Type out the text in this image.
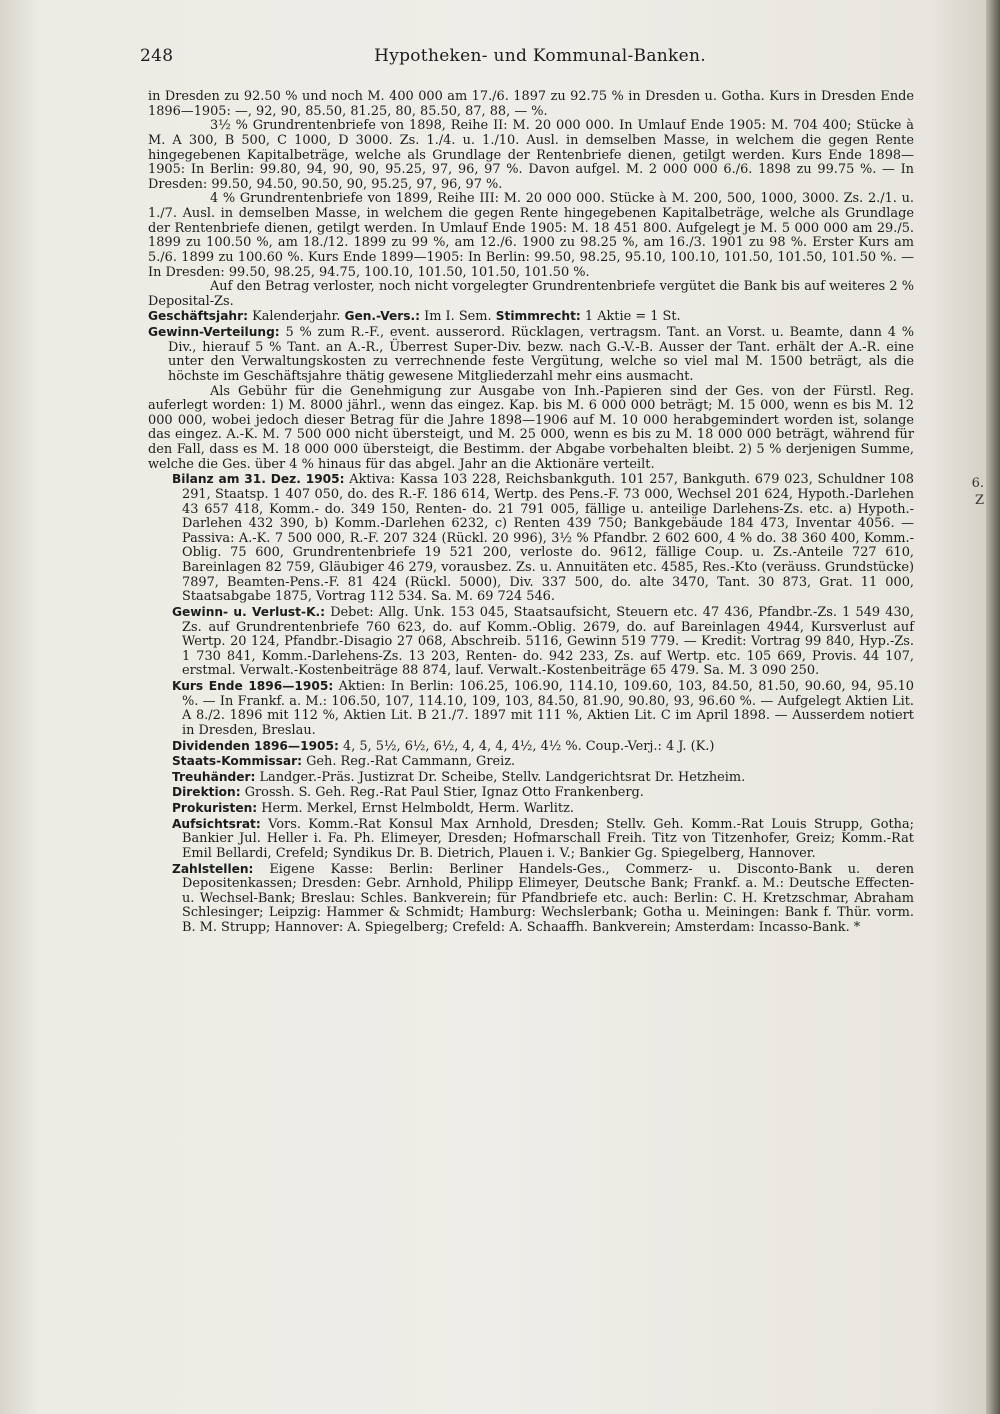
6.
Z
248	Hypotheken- und Kommunal-Banken.

in Dresden zu 92.50 % und noch M. 400 000 am 17./6. 1897 zu 92.75 % in Dresden u. Gotha. Kurs in Dresden Ende 1896—1905: —, 92, 90, 85.50, 81.25, 80, 85.50, 87, 88, — %.

3½ % Grundrentenbriefe von 1898, Reihe II: M. 20 000 000. In Umlauf Ende 1905: M. 704 400; Stücke à M. A 300, B 500, C 1000, D 3000. Zs. 1./4. u. 1./10. Ausl. in demselben Masse, in welchem die gegen Rente hingegebenen Kapitalbeträge, welche als Grundlage der Rentenbriefe dienen, getilgt werden. Kurs Ende 1898—1905: In Berlin: 99.80, 94, 90, 90, 95.25, 97, 96, 97 %. Davon aufgel. M. 2 000 000 6./6. 1898 zu 99.75 %. — In Dresden: 99.50, 94.50, 90.50, 90, 95.25, 97, 96, 97 %.

4 % Grundrentenbriefe von 1899, Reihe III: M. 20 000 000. Stücke à M. 200, 500, 1000, 3000. Zs. 2./1. u. 1./7. Ausl. in demselben Masse, in welchem die gegen Rente hingegebenen Kapitalbeträge, welche als Grundlage der Rentenbriefe dienen, getilgt werden. In Umlauf Ende 1905: M. 18 451 800. Aufgelegt je M. 5 000 000 am 29./5. 1899 zu 100.50 %, am 18./12. 1899 zu 99 %, am 12./6. 1900 zu 98.25 %, am 16./3. 1901 zu 98 %. Erster Kurs am 5./6. 1899 zu 100.60 %. Kurs Ende 1899—1905: In Berlin: 99.50, 98.25, 95.10, 100.10, 101.50, 101.50, 101.50 %. — In Dresden: 99.50, 98.25, 94.75, 100.10, 101.50, 101.50, 101.50 %.

Auf den Betrag verloster, noch nicht vorgelegter Grundrentenbriefe vergütet die Bank bis auf weiteres 2 % Deposital-Zs.

Geschäftsjahr: Kalenderjahr. Gen.-Vers.: Im I. Sem. Stimmrecht: 1 Aktie = 1 St.

Gewinn-Verteilung: 5 % zum R.-F., event. ausserord. Rücklagen, vertragsm. Tant. an Vorst. u. Beamte, dann 4 % Div., hierauf 5 % Tant. an A.-R., Überrest Super-Div. bezw. nach G.-V.-B. Ausser der Tant. erhält der A.-R. eine unter den Verwaltungskosten zu verrechnende feste Vergütung, welche so viel mal M. 1500 beträgt, als die höchste im Geschäftsjahre thätig gewesene Mitgliederzahl mehr eins ausmacht.

Als Gebühr für die Genehmigung zur Ausgabe von Inh.-Papieren sind der Ges. von der Fürstl. Reg. auferlegt worden: 1) M. 8000 jährl., wenn das eingez. Kap. bis M. 6 000 000 beträgt; M. 15 000, wenn es bis M. 12 000 000, wobei jedoch dieser Betrag für die Jahre 1898—1906 auf M. 10 000 herabgemindert worden ist, solange das eingez. A.-K. M. 7 500 000 nicht übersteigt, und M. 25 000, wenn es bis zu M. 18 000 000 beträgt, während für den Fall, dass es M. 18 000 000 übersteigt, die Bestimm. der Abgabe vorbehalten bleibt. 2) 5 % derjenigen Summe, welche die Ges. über 4 % hinaus für das abgel. Jahr an die Aktionäre verteilt.

Bilanz am 31. Dez. 1905: Aktiva: Kassa 103 228, Reichsbankguth. 101 257, Bankguth. 679 023, Schuldner 108 291, Staatsp. 1 407 050, do. des R.-F. 186 614, Wertp. des Pens.-F. 73 000, Wechsel 201 624, Hypoth.-Darlehen 43 657 418, Komm.- do. 349 150, Renten- do. 21 791 005, fällige u. anteilige Darlehens-Zs. etc. a) Hypoth.-Darlehen 432 390, b) Komm.-Darlehen 6232, c) Renten 439 750; Bankgebäude 184 473, Inventar 4056. — Passiva: A.-K. 7 500 000, R.-F. 207 324 (Rückl. 20 996), 3½ % Pfandbr. 2 602 600, 4 % do. 38 360 400, Komm.-Oblig. 75 600, Grundrentenbriefe 19 521 200, verloste do. 9612, fällige Coup. u. Zs.-Anteile 727 610, Bareinlagen 82 759, Gläubiger 46 279, vorausbez. Zs. u. Annuitäten etc. 4585, Res.-Kto (veräuss. Grundstücke) 7897, Beamten-Pens.-F. 81 424 (Rückl. 5000), Div. 337 500, do. alte 3470, Tant. 30 873, Grat. 11 000, Staatsabgabe 1875, Vortrag 112 534. Sa. M. 69 724 546.

Gewinn- u. Verlust-K.: Debet: Allg. Unk. 153 045, Staatsaufsicht, Steuern etc. 47 436, Pfandbr.-Zs. 1 549 430, Zs. auf Grundrentenbriefe 760 623, do. auf Komm.-Oblig. 2679, do. auf Bareinlagen 4944, Kursverlust auf Wertp. 20 124, Pfandbr.-Disagio 27 068, Abschreib. 5116, Gewinn 519 779. — Kredit: Vortrag 99 840, Hyp.-Zs. 1 730 841, Komm.-Darlehens-Zs. 13 203, Renten- do. 942 233, Zs. auf Wertp. etc. 105 669, Provis. 44 107, erstmal. Verwalt.-Kostenbeiträge 88 874, lauf. Verwalt.-Kostenbeiträge 65 479. Sa. M. 3 090 250.

Kurs Ende 1896—1905: Aktien: In Berlin: 106.25, 106.90, 114.10, 109.60, 103, 84.50, 81.50, 90.60, 94, 95.10 %. — In Frankf. a. M.: 106.50, 107, 114.10, 109, 103, 84.50, 81.90, 90.80, 93, 96.60 %. — Aufgelegt Aktien Lit. A 8./2. 1896 mit 112 %, Aktien Lit. B 21./7. 1897 mit 111 %, Aktien Lit. C im April 1898. — Ausserdem notiert in Dresden, Breslau.

Dividenden 1896—1905: 4, 5, 5½, 6½, 6½, 4, 4, 4, 4½, 4½ %. Coup.-Verj.: 4 J. (K.)

Staats-Kommissar: Geh. Reg.-Rat Cammann, Greiz.

Treuhänder: Landger.-Präs. Justizrat Dr. Scheibe, Stellv. Landgerichtsrat Dr. Hetzheim.

Direktion: Grossh. S. Geh. Reg.-Rat Paul Stier, Ignaz Otto Frankenberg.

Prokuristen: Herm. Merkel, Ernst Helmboldt, Herm. Warlitz.

Aufsichtsrat: Vors. Komm.-Rat Konsul Max Arnhold, Dresden; Stellv. Geh. Komm.-Rat Louis Strupp, Gotha; Bankier Jul. Heller i. Fa. Ph. Elimeyer, Dresden; Hofmarschall Freih. Titz von Titzenhofer, Greiz; Komm.-Rat Emil Bellardi, Crefeld; Syndikus Dr. B. Dietrich, Plauen i. V.; Bankier Gg. Spiegelberg, Hannover.

Zahlstellen: Eigene Kasse: Berlin: Berliner Handels-Ges., Commerz- u. Disconto-Bank u. deren Depositenkassen; Dresden: Gebr. Arnhold, Philipp Elimeyer, Deutsche Bank; Frankf. a. M.: Deutsche Effecten- u. Wechsel-Bank; Breslau: Schles. Bankverein; für Pfandbriefe etc. auch: Berlin: C. H. Kretzschmar, Abraham Schlesinger; Leipzig: Hammer & Schmidt; Hamburg: Wechslerbank; Gotha u. Meiningen: Bank f. Thür. vorm. B. M. Strupp; Hannover: A. Spiegelberg; Crefeld: A. Schaaffh. Bankverein; Amsterdam: Incasso-Bank. *
